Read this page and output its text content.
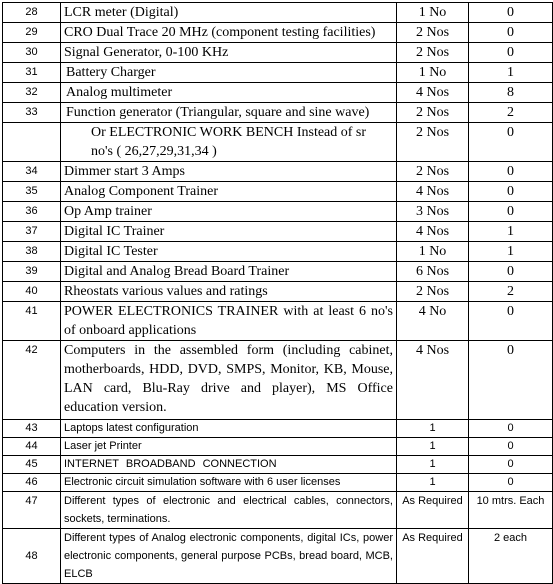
28	LCR meter (Digital)	1 No	0
29	CRO Dual Trace 20 MHz (component testing facilities)	2 Nos	0
30	Signal Generator, 0-100 KHz	2 Nos	0
31	Battery Charger	1 No	1
32	Analog multimeter	4 Nos	8
33	Function generator (Triangular, square and sine wave)	2 Nos	2
	Or ELECTRONIC WORK BENCH Instead of sr no's ( 26,27,29,31,34 )	2 Nos	0
34	Dimmer start 3 Amps	2 Nos	0
35	Analog Component Trainer	4 Nos	0
36	Op Amp trainer	3 Nos	0
37	Digital IC Trainer	4 Nos	1
38	Digital IC Tester	1 No	1
39	Digital and Analog Bread Board Trainer	6 Nos	0
40	Rheostats various values and ratings	2 Nos	2
41	POWER ELECTRONICS TRAINER with at least 6 no's of onboard applications	4 No	0
42	Computers in the assembled form (including cabinet, motherboards, HDD, DVD, SMPS, Monitor, KB, Mouse, LAN card, Blu-Ray drive and player), MS Office education version.	4 Nos	0
43	Laptops latest configuration	1	0
44	Laser jet Printer	1	0
45	INTERNET BROADBAND CONNECTION	1	0
46	Electronic circuit simulation software with 6 user licenses	1	0
47	Different types of electronic and electrical cables, connectors, sockets, terminations.	As Required	10 mtrs. Each
48	Different types of Analog electronic components, digital ICs, power electronic components, general purpose PCBs, bread board, MCB, ELCB	As Required	2 each
